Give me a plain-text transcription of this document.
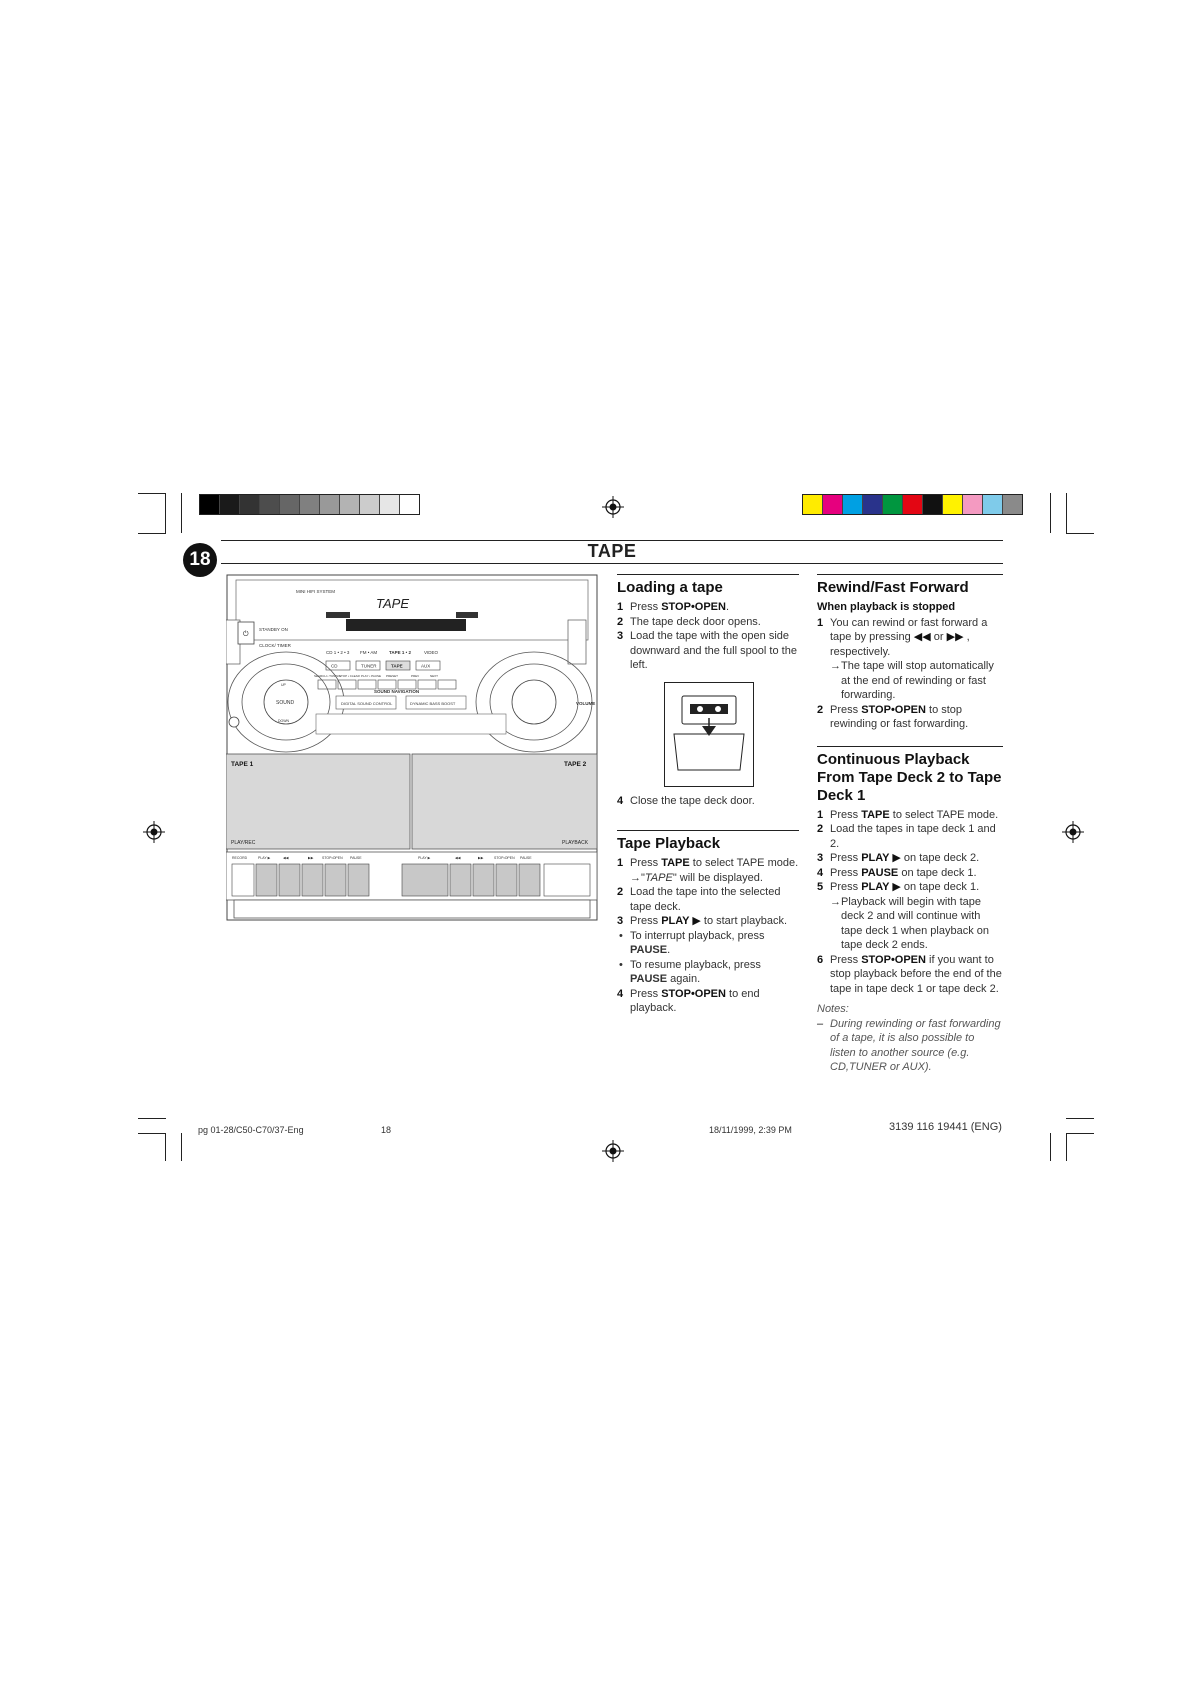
18	TAPE
MINI HIFI SYSTEM
TAPE
⏻
STANDBY ON
CLOCK/ TIMER
CD 1 • 2 • 3 FM • AM	TAPE 1 • 2	VIDEO
CD	TUNER	TAPE	AUX
SEARCH • TUNING
STOP • CLEAR PLAY • PAUSE PRESET	PREV	NEXT
SOUND
UP
DOWN
VOLUME
SOUND NAVIGATION
DIGITAL SOUND CONTROL	DYNAMIC BASS BOOST
TAPE 1	TAPE 2
PLAY/REC	PLAYBACK
RECORD	PLAY ▶	◀◀	▶▶	STOP•OPEN PAUSE	PLAY ▶	◀◀	▶▶	STOP•OPEN PAUSE
Loading a tape
1 Press STOP•OPEN.
2 The tape deck door opens.
3 Load the tape with the open side downward and the full spool to the left.
4 Close the tape deck door.
Tape Playback
1 Press TAPE to select TAPE mode.
→ "TAPE" will be displayed.
2 Load the tape into the selected tape deck.
3 Press PLAY ▶ to start playback.
• To interrupt playback, press PAUSE.
• To resume playback, press PAUSE again.
4 Press STOP•OPEN to end playback.
Rewind/Fast Forward
When playback is stopped
1 You can rewind or fast forward a tape by pressing ◀◀ or ▶▶ , respectively.
→ The tape will stop automatically at the end of rewinding or fast forwarding.
2 Press STOP•OPEN to stop rewinding or fast forwarding.
Continuous Playback From Tape Deck 2 to Tape Deck 1
1 Press TAPE to select TAPE mode.
2 Load the tapes in tape deck 1 and 2.
3 Press PLAY ▶ on tape deck 2.
4 Press PAUSE on tape deck 1.
5 Press PLAY ▶ on tape deck 1.
→ Playback will begin with tape deck 2 and will continue with tape deck 1 when playback on tape deck 2 ends.
6 Press STOP•OPEN if you want to stop playback before the end of the tape in tape deck 1 or tape deck 2.
Notes:
– During rewinding or fast forwarding of a tape, it is also possible to listen to another source (e.g. CD,TUNER or AUX).
pg 01-28/C50-C70/37-Eng	18	18/11/1999, 2:39 PM	3139 116 19441 (ENG)
